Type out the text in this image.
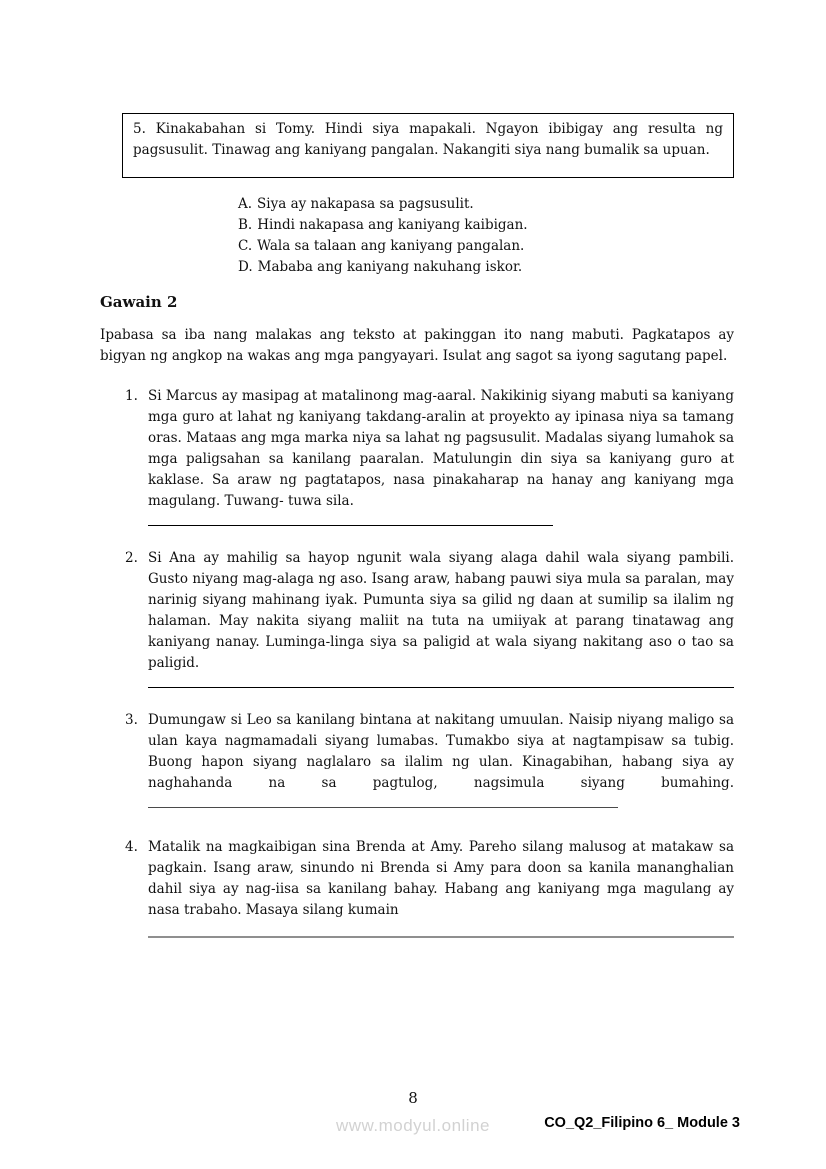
5. Kinakabahan si Tomy. Hindi siya mapakali. Ngayon ibibigay ang resulta ng pagsusulit. Tinawag ang kaniyang pangalan. Nakangiti siya nang bumalik sa upuan.
A. Siya ay nakapasa sa pagsusulit.
B. Hindi nakapasa ang kaniyang kaibigan.
C. Wala sa talaan ang kaniyang pangalan.
D. Mababa ang kaniyang nakuhang iskor.
Gawain 2

Ipabasa sa iba nang malakas ang teksto at pakinggan ito nang mabuti. Pagkatapos ay bigyan ng angkop na wakas ang mga pangyayari. Isulat ang sagot sa iyong sagutang papel.

1. Si Marcus ay masipag at matalinong mag-aaral. Nakikinig siyang mabuti sa kaniyang mga guro at lahat ng kaniyang takdang-aralin at proyekto ay ipinasa niya sa tamang oras. Mataas ang mga marka niya sa lahat ng pagsusulit. Madalas siyang lumahok sa mga paligsahan sa kanilang paaralan. Matulungin din siya sa kaniyang guro at kaklase. Sa araw ng pagtatapos, nasa pinakaharap na hanay ang kaniyang mga magulang. Tuwang- tuwa sila.
2. Si Ana ay mahilig sa hayop ngunit wala siyang alaga dahil wala siyang pambili. Gusto niyang mag-alaga ng aso. Isang araw, habang pauwi siya mula sa paralan, may narinig siyang mahinang iyak. Pumunta siya sa gilid ng daan at sumilip sa ilalim ng halaman. May nakita siyang maliit na tuta na umiiyak at parang tinatawag ang kaniyang nanay. Luminga-linga siya sa paligid at wala siyang nakitang aso o tao sa paligid.
3. Dumungaw si Leo sa kanilang bintana at nakitang umuulan. Naisip niyang maligo sa ulan kaya nagmamadali siyang lumabas. Tumakbo siya at nagtampisaw sa tubig. Buong hapon siyang naglalaro sa ilalim ng ulan. Kinagabihan, habang siya ay naghahanda na sa pagtulog, nagsimula siyang bumahing.
4. Matalik na magkaibigan sina Brenda at Amy. Pareho silang malusog at matakaw sa pagkain. Isang araw, sinundo ni Brenda si Amy para doon sa kanila mananghalian dahil siya ay nag-iisa sa kanilang bahay. Habang ang kaniyang mga magulang ay nasa trabaho. Masaya silang kumain
8
www.modyul.online	CO_Q2_Filipino 6_ Module 3
